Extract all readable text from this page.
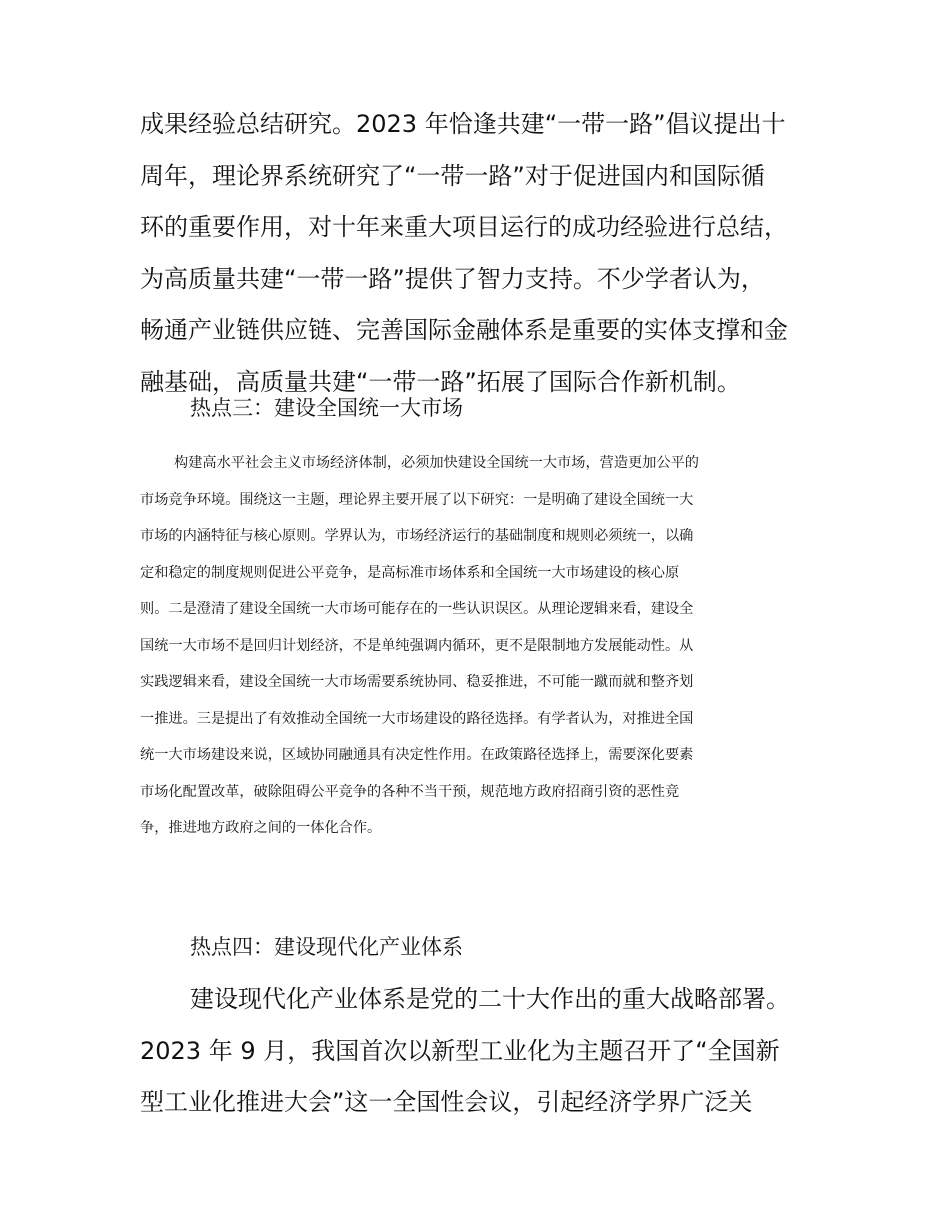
成果经验总结研究。2023 年恰逢共建“一带一路”倡议提出十
周年，理论界系统研究了“一带一路”对于促进国内和国际循
环的重要作用，对十年来重大项目运行的成功经验进行总结，
为高质量共建“一带一路”提供了智力支持。不少学者认为，
畅通产业链供应链、完善国际金融体系是重要的实体支撑和金
融基础，高质量共建“一带一路”拓展了国际合作新机制。
热点三：建设全国统一大市场
构建高水平社会主义市场经济体制，必须加快建设全国统一大市场，营造更加公平的
市场竞争环境。围绕这一主题，理论界主要开展了以下研究：一是明确了建设全国统一大
市场的内涵特征与核心原则。学界认为，市场经济运行的基础制度和规则必须统一，以确
定和稳定的制度规则促进公平竞争，是高标准市场体系和全国统一大市场建设的核心原
则。二是澄清了建设全国统一大市场可能存在的一些认识误区。从理论逻辑来看，建设全
国统一大市场不是回归计划经济，不是单纯强调内循环，更不是限制地方发展能动性。从
实践逻辑来看，建设全国统一大市场需要系统协同、稳妥推进，不可能一蹴而就和整齐划
一推进。三是提出了有效推动全国统一大市场建设的路径选择。有学者认为，对推进全国
统一大市场建设来说，区域协同融通具有决定性作用。在政策路径选择上，需要深化要素
市场化配置改革，破除阻碍公平竞争的各种不当干预，规范地方政府招商引资的恶性竞
争，推进地方政府之间的一体化合作。
热点四：建设现代化产业体系
建设现代化产业体系是党的二十大作出的重大战略部署。
2023 年 9 月，我国首次以新型工业化为主题召开了“全国新
型工业化推进大会”这一全国性会议，引起经济学界广泛关
